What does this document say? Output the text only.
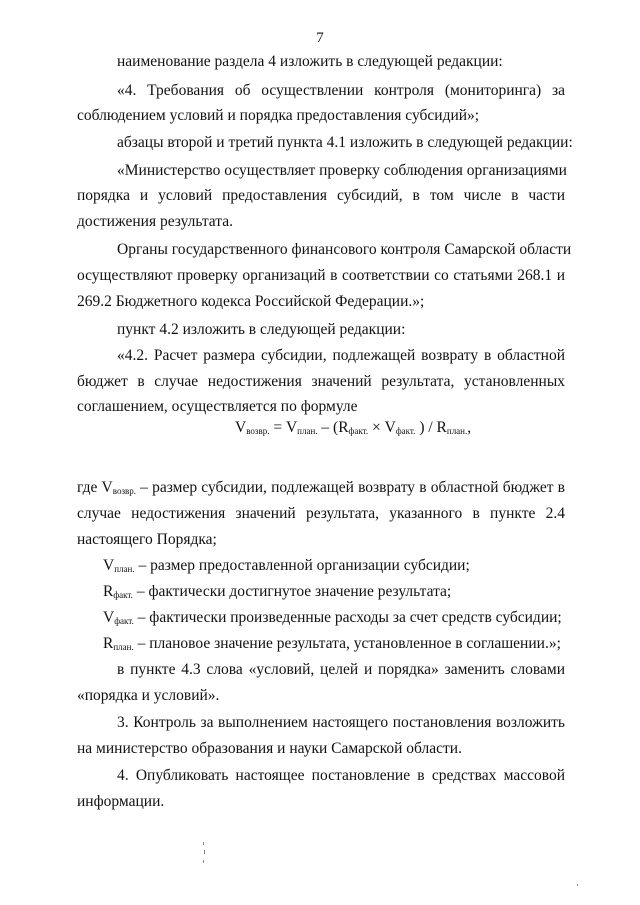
7
наименование раздела 4 изложить в следующей редакции:
«4. Требования об осуществлении контроля (мониторинга) за
соблюдением условий и порядка предоставления субсидий»;
абзацы второй и третий пункта 4.1 изложить в следующей редакции:
«Министерство осуществляет проверку соблюдения организациями
порядка и условий предоставления субсидий, в том числе в части
достижения результата.
Органы государственного финансового контроля Самарской области
осуществляют проверку организаций в соответствии со статьями 268.1 и
269.2 Бюджетного кодекса Российской Федерации.»;
пункт 4.2 изложить в следующей редакции:
«4.2. Расчет размера субсидии, подлежащей возврату в областной
бюджет в случае недостижения значений результата, установленных
соглашением, осуществляется по формуле
$V_{возвр.} = V_{план.} - (R_{факт.} \times V_{факт.}$ ) / $R_{план.}$,
где $V_{возвр.}$ – размер субсидии, подлежащей возврату в областной бюджет в
случае недостижения значений результата, указанного в пункте 2.4
настоящего Порядка;
$V_{план.}$ – размер предоставленной организации субсидии;
$R_{факт.}$ – фактически достигнутое значение результата;
$V_{факт.}$ – фактически произведенные расходы за счет средств субсидии;
$R_{план.}$ – плановое значение результата, установленное в соглашении.»;
в пункте 4.3 слова «условий, целей и порядка» заменить словами
«порядка и условий».
3. Контроль за выполнением настоящего постановления возложить
на министерство образования и науки Самарской области.
4. Опубликовать настоящее постановление в средствах массовой
информации.
